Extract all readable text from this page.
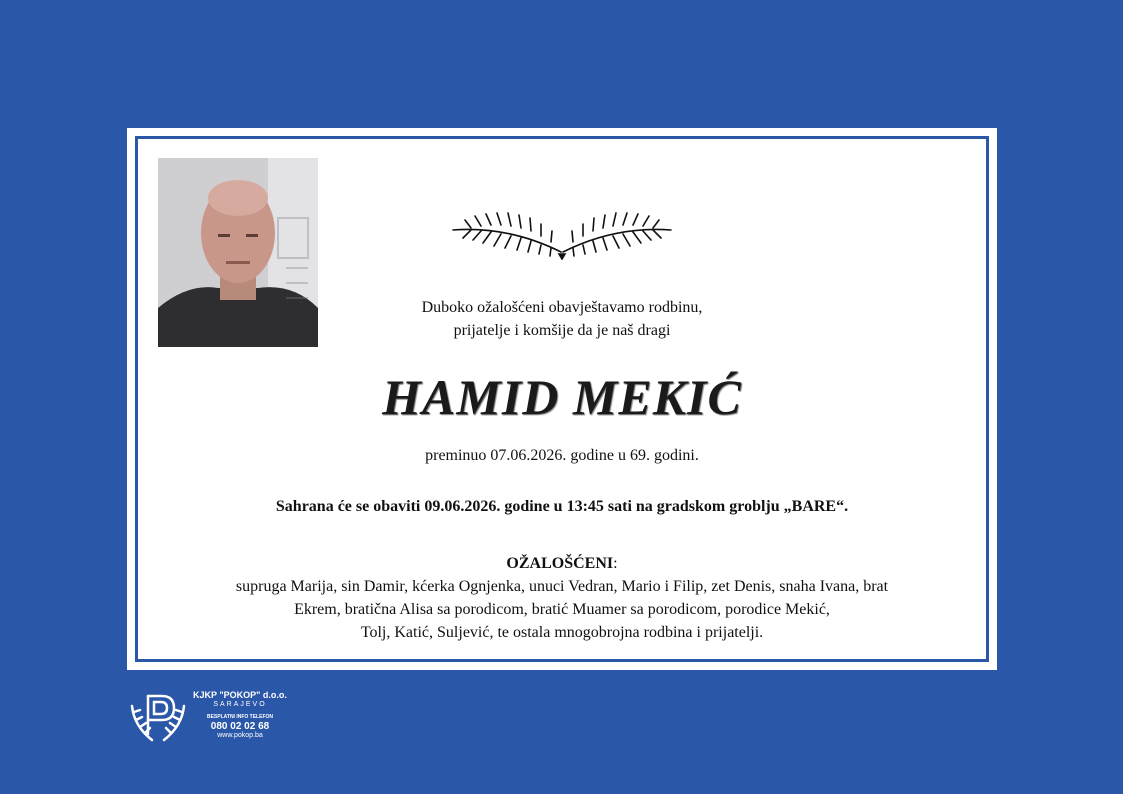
Duboko ožalošćeni obavještavamo rodbinu,
prijatelje i komšije da je naš dragi
HAMID MEKIĆ
preminuo 07.06.2026. godine u 69. godini.
Sahrana će se obaviti 09.06.2026. godine u 13:45 sati na gradskom groblju „BARE“.
OŽALOŠĆENI:
supruga Marija, sin Damir, kćerka Ognjenka, unuci Vedran, Mario i Filip, zet Denis, snaha Ivana, brat
Ekrem, bratična Alisa sa porodicom, bratić Muamer sa porodicom, porodice Mekić,
Tolj, Katić, Suljević, te ostala mnogobrojna rodbina i prijatelji.
KJKP "POKOP" d.o.o.
SARAJEVO
BESPLATNI INFO TELEFON
080 02 02 68
www.pokop.ba
